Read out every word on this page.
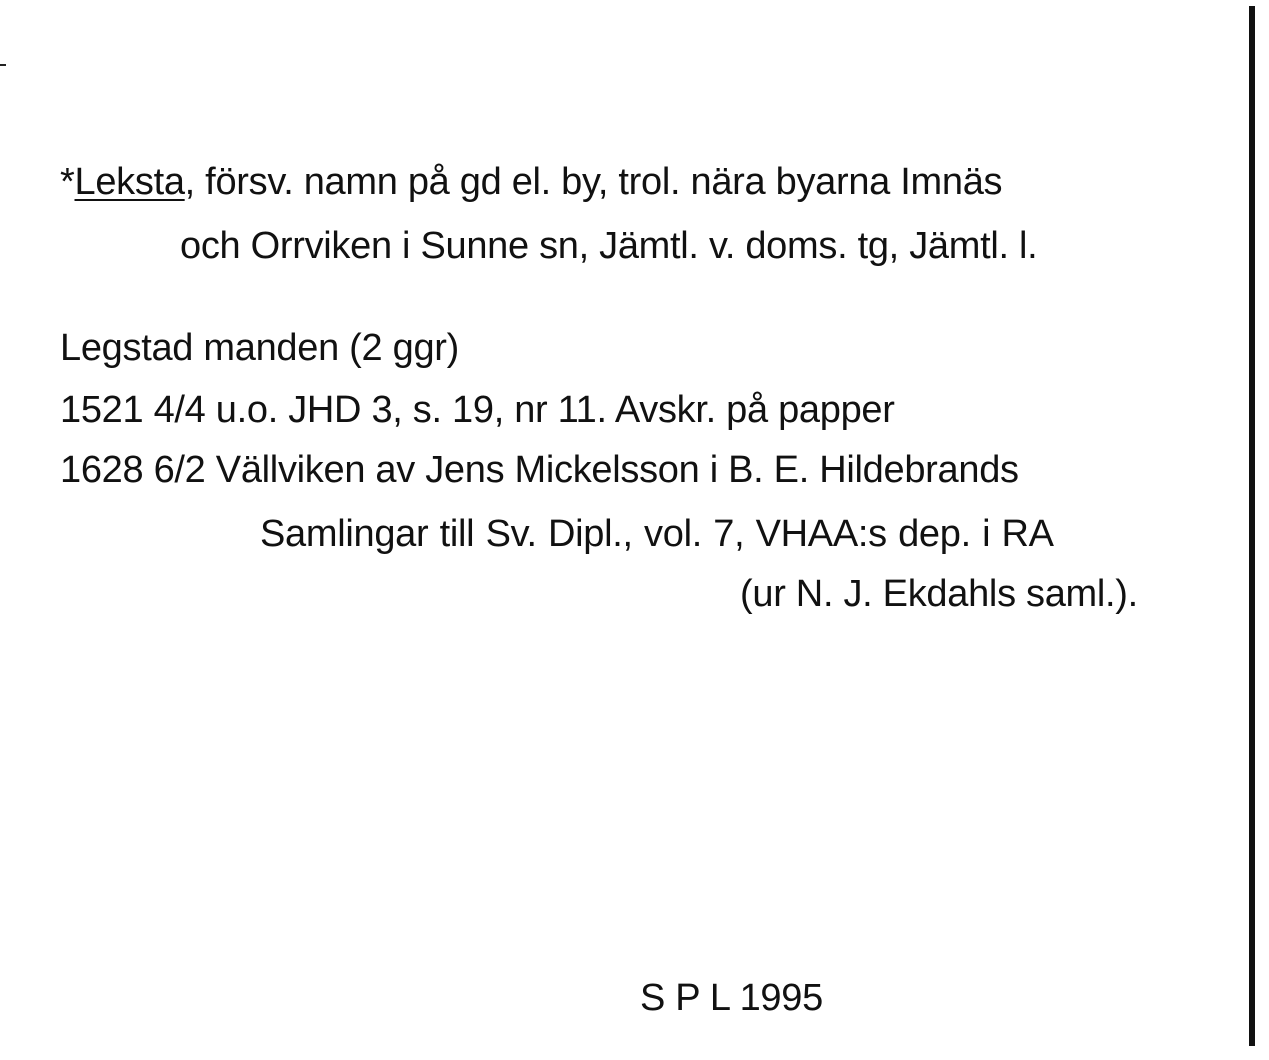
*Leksta, försv. namn på gd el. by, trol. nära byarna Imnäs
och Orrviken i Sunne sn, Jämtl. v. doms. tg, Jämtl. l.
Legstad manden (2 ggr)
1521 4/4 u.o. JHD 3, s. 19, nr 11. Avskr. på papper
1628 6/2 Vällviken av Jens Mickelsson i B. E. Hildebrands
Samlingar till Sv. Dipl., vol. 7, VHAA:s dep. i RA
(ur N. J. Ekdahls saml.).
S P L 1995
